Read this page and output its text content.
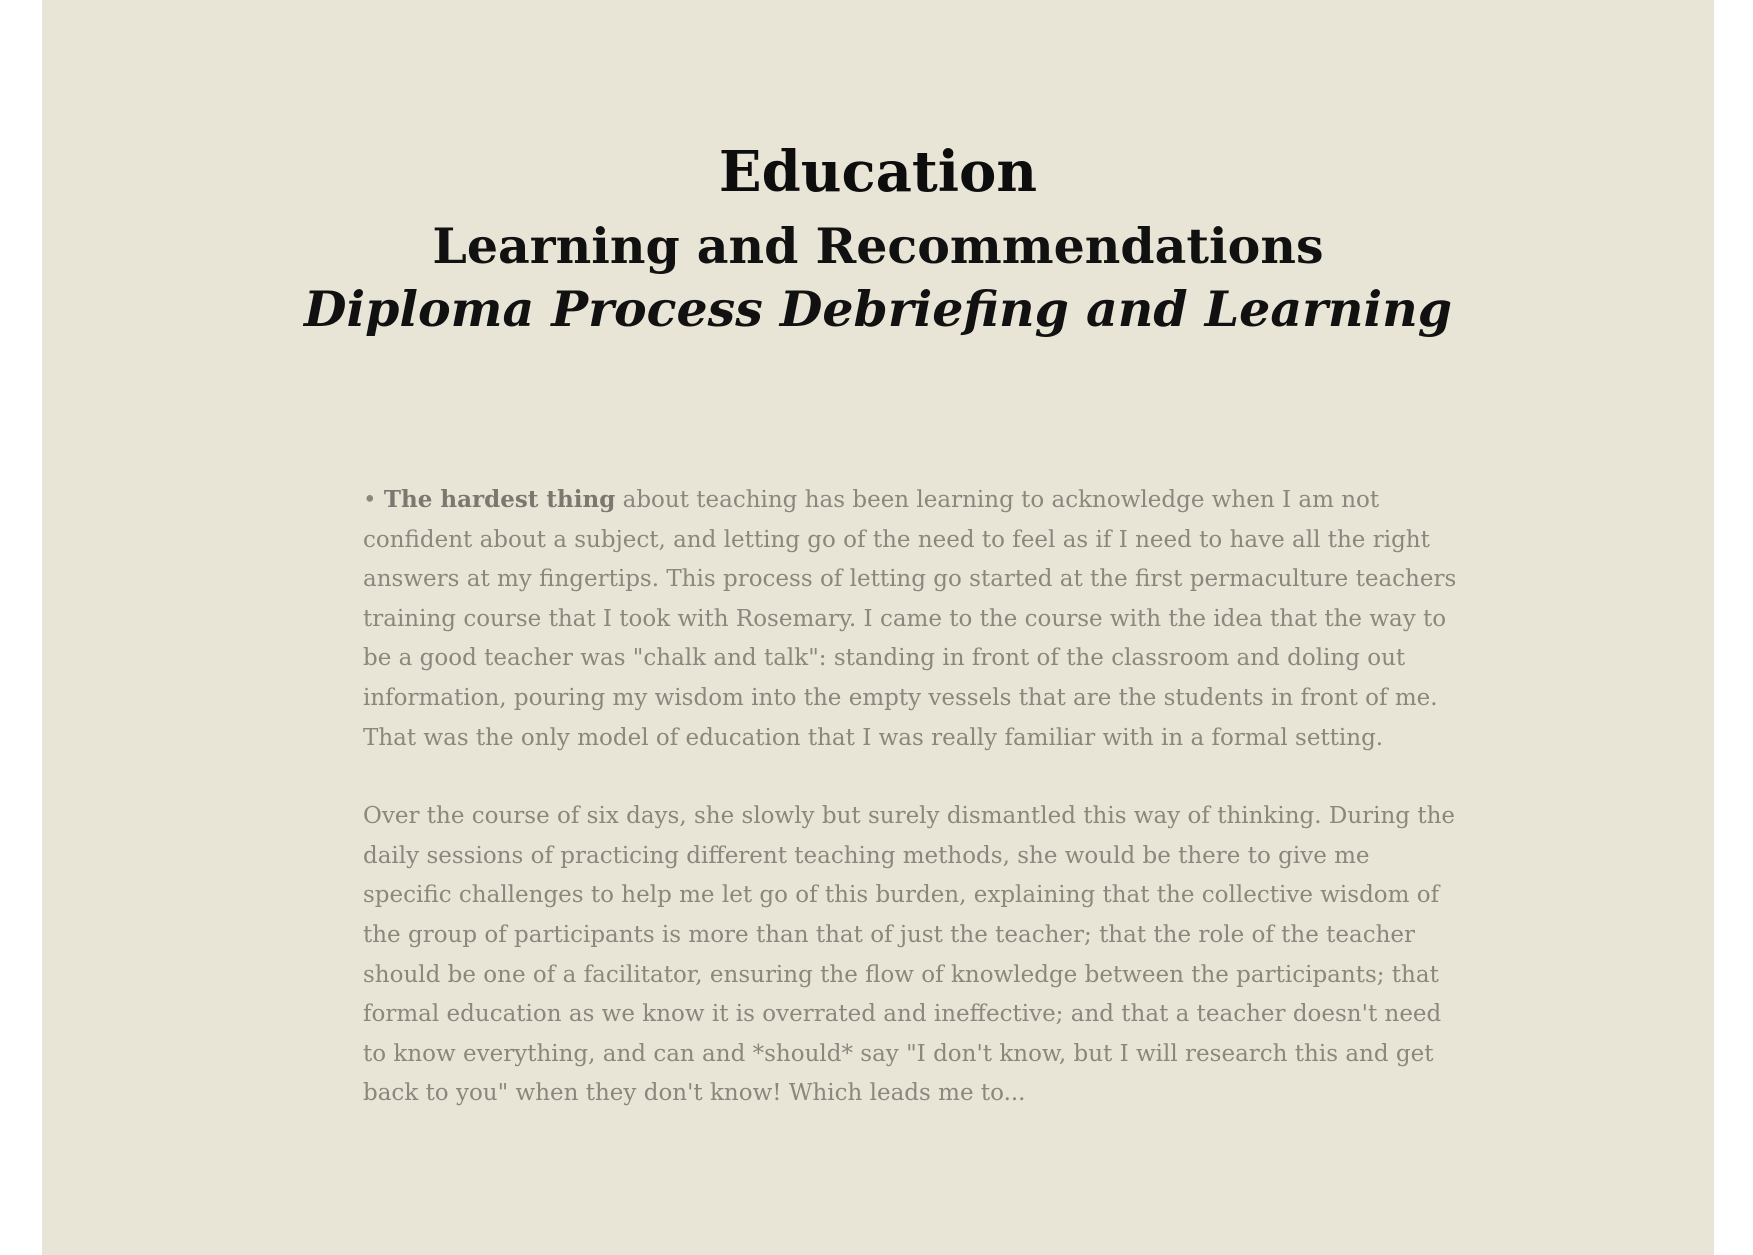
Education
Learning and Recommendations
Diploma Process Debriefing and Learning

• The hardest thing about teaching has been learning to acknowledge when I am not confident about a subject, and letting go of the need to feel as if I need to have all the right answers at my fingertips. This process of letting go started at the first permaculture teachers training course that I took with Rosemary. I came to the course with the idea that the way to be a good teacher was "chalk and talk": standing in front of the classroom and doling out information, pouring my wisdom into the empty vessels that are the students in front of me. That was the only model of education that I was really familiar with in a formal setting.

Over the course of six days, she slowly but surely dismantled this way of thinking. During the daily sessions of practicing different teaching methods, she would be there to give me specific challenges to help me let go of this burden, explaining that the collective wisdom of the group of participants is more than that of just the teacher; that the role of the teacher should be one of a facilitator, ensuring the flow of knowledge between the participants; that formal education as we know it is overrated and ineffective; and that a teacher doesn't need to know everything, and can and *should* say "I don't know, but I will research this and get back to you" when they don't know! Which leads me to...
